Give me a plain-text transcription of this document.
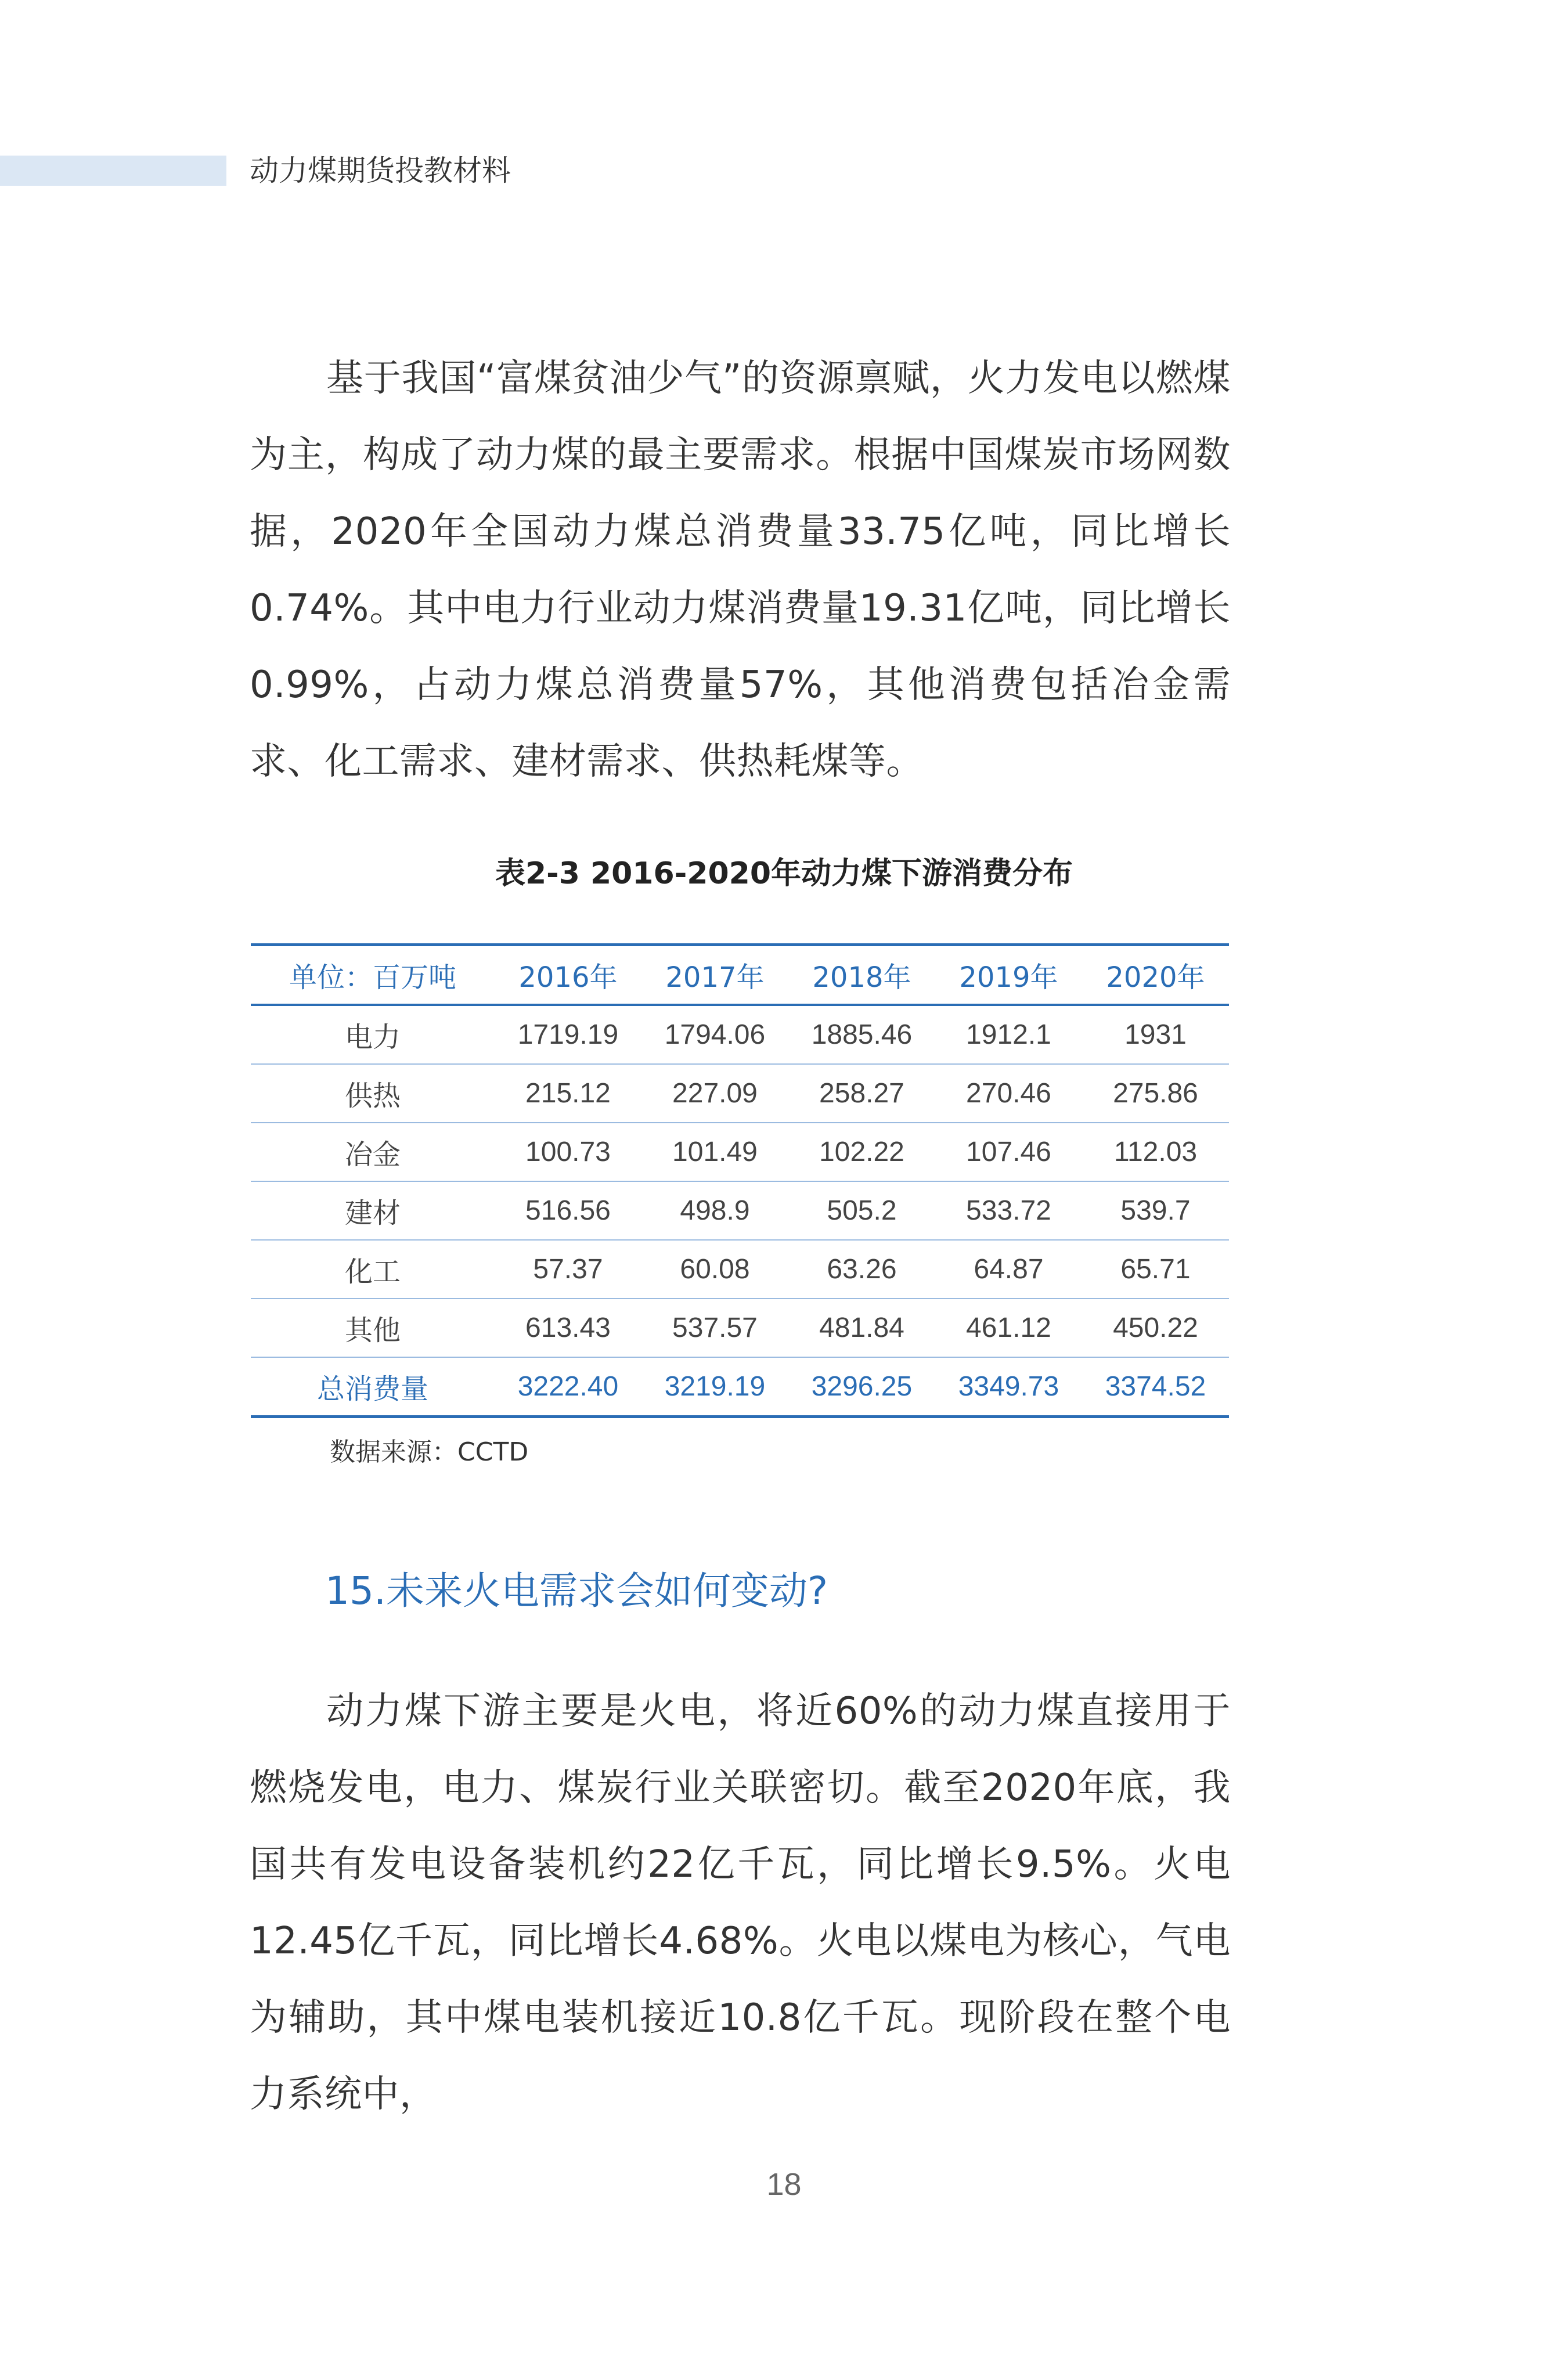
动力煤期货投教材料

基于我国“富煤贫油少气”的资源禀赋，火力发电以燃煤为主，构成了动力煤的最主要需求。根据中国煤炭市场网数据，2020年全国动力煤总消费量33.75亿吨，同比增长0.74%。其中电力行业动力煤消费量19.31亿吨，同比增长0.99%，占动力煤总消费量57%，其他消费包括冶金需求、化工需求、建材需求、供热耗煤等。

表2-3 2016-2020年动力煤下游消费分布
单位：百万吨	2016年	2017年	2018年	2019年	2020年
电力	1719.19	1794.06	1885.46	1912.1	1931
供热	215.12	227.09	258.27	270.46	275.86
冶金	100.73	101.49	102.22	107.46	112.03
建材	516.56	498.9	505.2	533.72	539.7
化工	57.37	60.08	63.26	64.87	65.71
其他	613.43	537.57	481.84	461.12	450.22
总消费量	3222.40	3219.19	3296.25	3349.73	3374.52
数据来源：CCTD
15.未来火电需求会如何变动?

动力煤下游主要是火电，将近60%的动力煤直接用于燃烧发电，电力、煤炭行业关联密切。截至2020年底，我国共有发电设备装机约22亿千瓦，同比增长9.5%。火电12.45亿千瓦，同比增长4.68%。火电以煤电为核心，气电为辅助，其中煤电装机接近10.8亿千瓦。现阶段在整个电力系统中，

18
